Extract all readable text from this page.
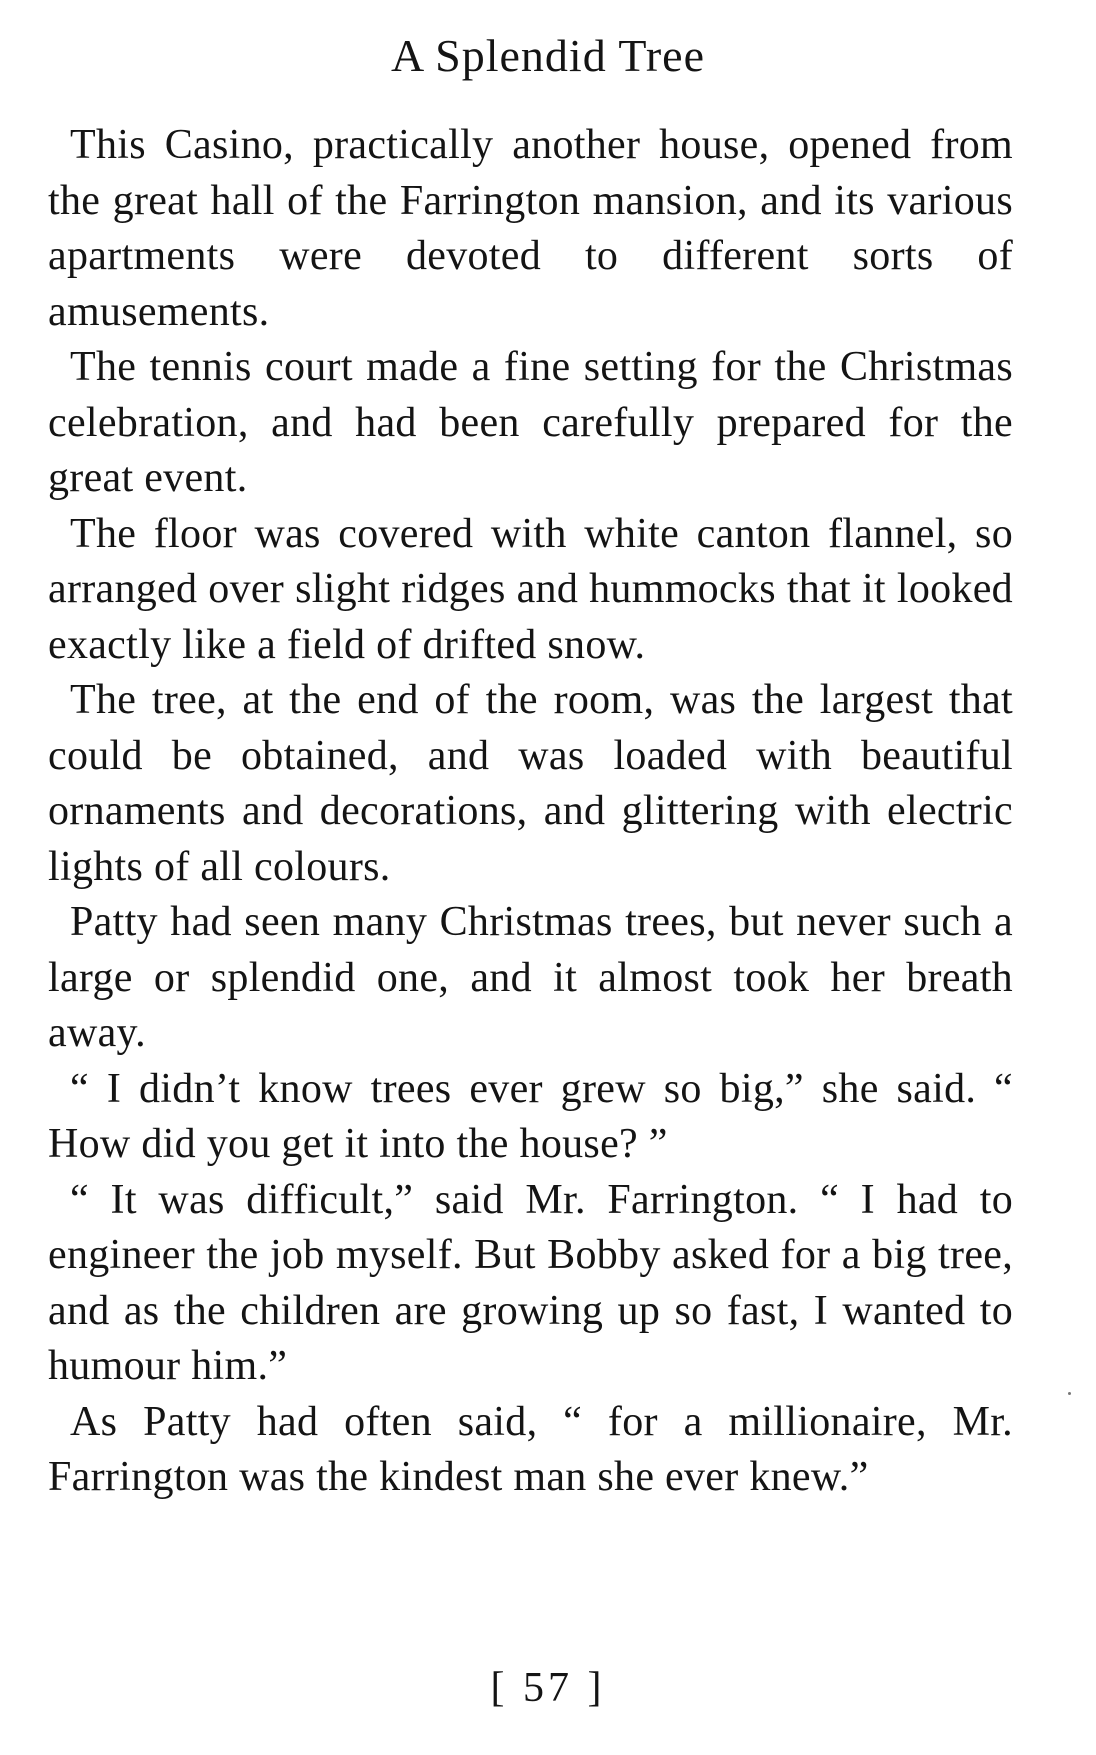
A Splendid Tree

This Casino, practically another house, opened from the great hall of the Farrington mansion, and its various apartments were devoted to different sorts of amusements.

The tennis court made a fine setting for the Christmas celebration, and had been carefully prepared for the great event.

The floor was covered with white canton flannel, so arranged over slight ridges and hummocks that it looked exactly like a field of drifted snow.

The tree, at the end of the room, was the largest that could be obtained, and was loaded with beautiful ornaments and decorations, and glittering with electric lights of all colours.

Patty had seen many Christmas trees, but never such a large or splendid one, and it almost took her breath away.

“ I didn’t know trees ever grew so big,” she said. “ How did you get it into the house? ”

“ It was difficult,” said Mr. Farrington. “ I had to engineer the job myself. But Bobby asked for a big tree, and as the children are growing up so fast, I wanted to humour him.”

As Patty had often said, “ for a millionaire, Mr. Farrington was the kindest man she ever knew.”

[ 57 ]
